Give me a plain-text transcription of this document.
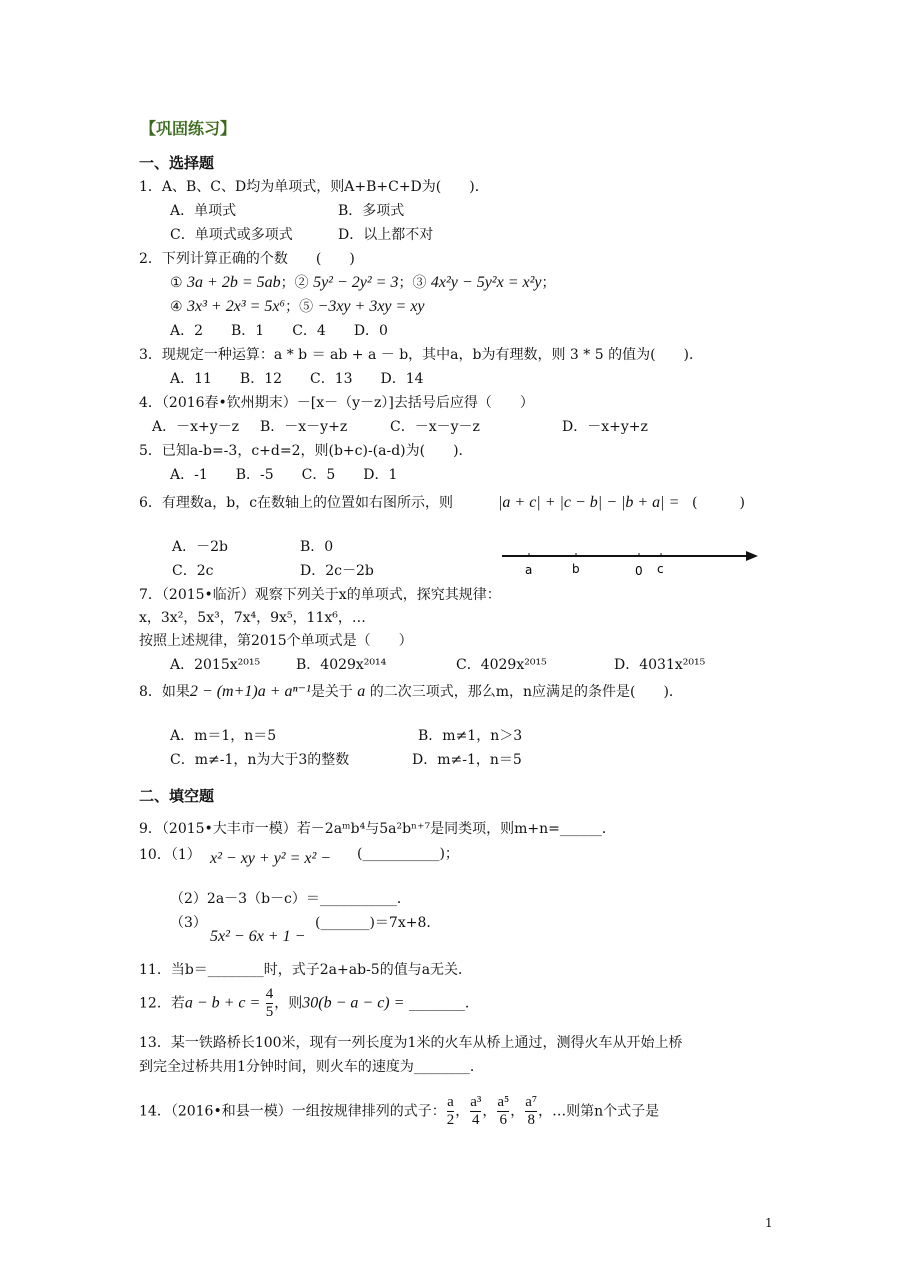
【巩固练习】
一、选择题
1．A、B、C、D均为单项式，则A+B+C+D为(　　)．
A．单项式	B．多项式
C．单项式或多项式	D．以上都不对
2．下列计算正确的个数　　(　　)
① 3a + 2b = 5ab；② 5y² − 2y² = 3；③ 4x²y − 5y²x = x²y；
④ 3x³ + 2x³ = 5x⁶；⑤ −3xy + 3xy = xy
A．2　　B．1　　C．4　　D．0
3．现规定一种运算：a * b ＝ ab + a － b，其中a，b为有理数，则 3 * 5 的值为(　　)．
A．11　　B．12　　C．13　　D．14
4．（2016春•钦州期末）－[x－（y－z）]去括号后应得（　　）
A．－x+y－z B．－x－y+z	C．－x－y－z	D．－x+y+z
5．已知a-b=-3，c+d=2，则(b+c)-(a-d)为(　　)．
A．-1　　B．-5　　C．5　　D．1
6．有理数a，b，c在数轴上的位置如右图所示，则	|a + c| + |c − b| − |b + a| = (　　　)
A．－2b	B．0
C．2c	D．2c－2b	a	b	0 c
7．（2015•临沂）观察下列关于x的单项式，探究其规律：
x，3x²，5x³，7x⁴，9x⁵，11x⁶，…
按照上述规律，第2015个单项式是（　　）
A．2015x²⁰¹⁵	B．4029x²⁰¹⁴	C．4029x²⁰¹⁵	D．4031x²⁰¹⁵
8．如果2 − (m+1)a + aⁿ⁻¹是关于 a 的二次三项式，那么m，n应满足的条件是(　　)．
A．m＝1，n＝5	B．m≠1，n＞3
C．m≠-1，n为大于3的整数	D．m≠-1，n＝5
二、填空题
9．（2015•大丰市一模）若－2aᵐb⁴与5a²bⁿ⁺⁷是同类项，则m+n=______．
10．（1） x² − xy + y² = x² − (___________)；
（2）2a－3（b－c）＝___________．
（3）
5x² − 6x + 1 −
(_______)＝7x+8．
11．当b＝________时，式子2a+ab-5的值与a无关．
12．若$a - b + c = \frac{4}{5}$ ，则30(b − a − c) = ________．
13．某一铁路桥长100米，现有一列长度为1米的火车从桥上通过，测得火车从开始上桥
到完全过桥共用1分钟时间，则火车的速度为________．
14．（2016•和县一模）一组按规律排列的式子： $\frac{a}{2}$ ， $\frac{\text{a³}}{4}$ ， $\frac{\text{a⁵}}{6}$ ， $\frac{\text{a⁷}}{8}$ ，…则第n个式子是
1
